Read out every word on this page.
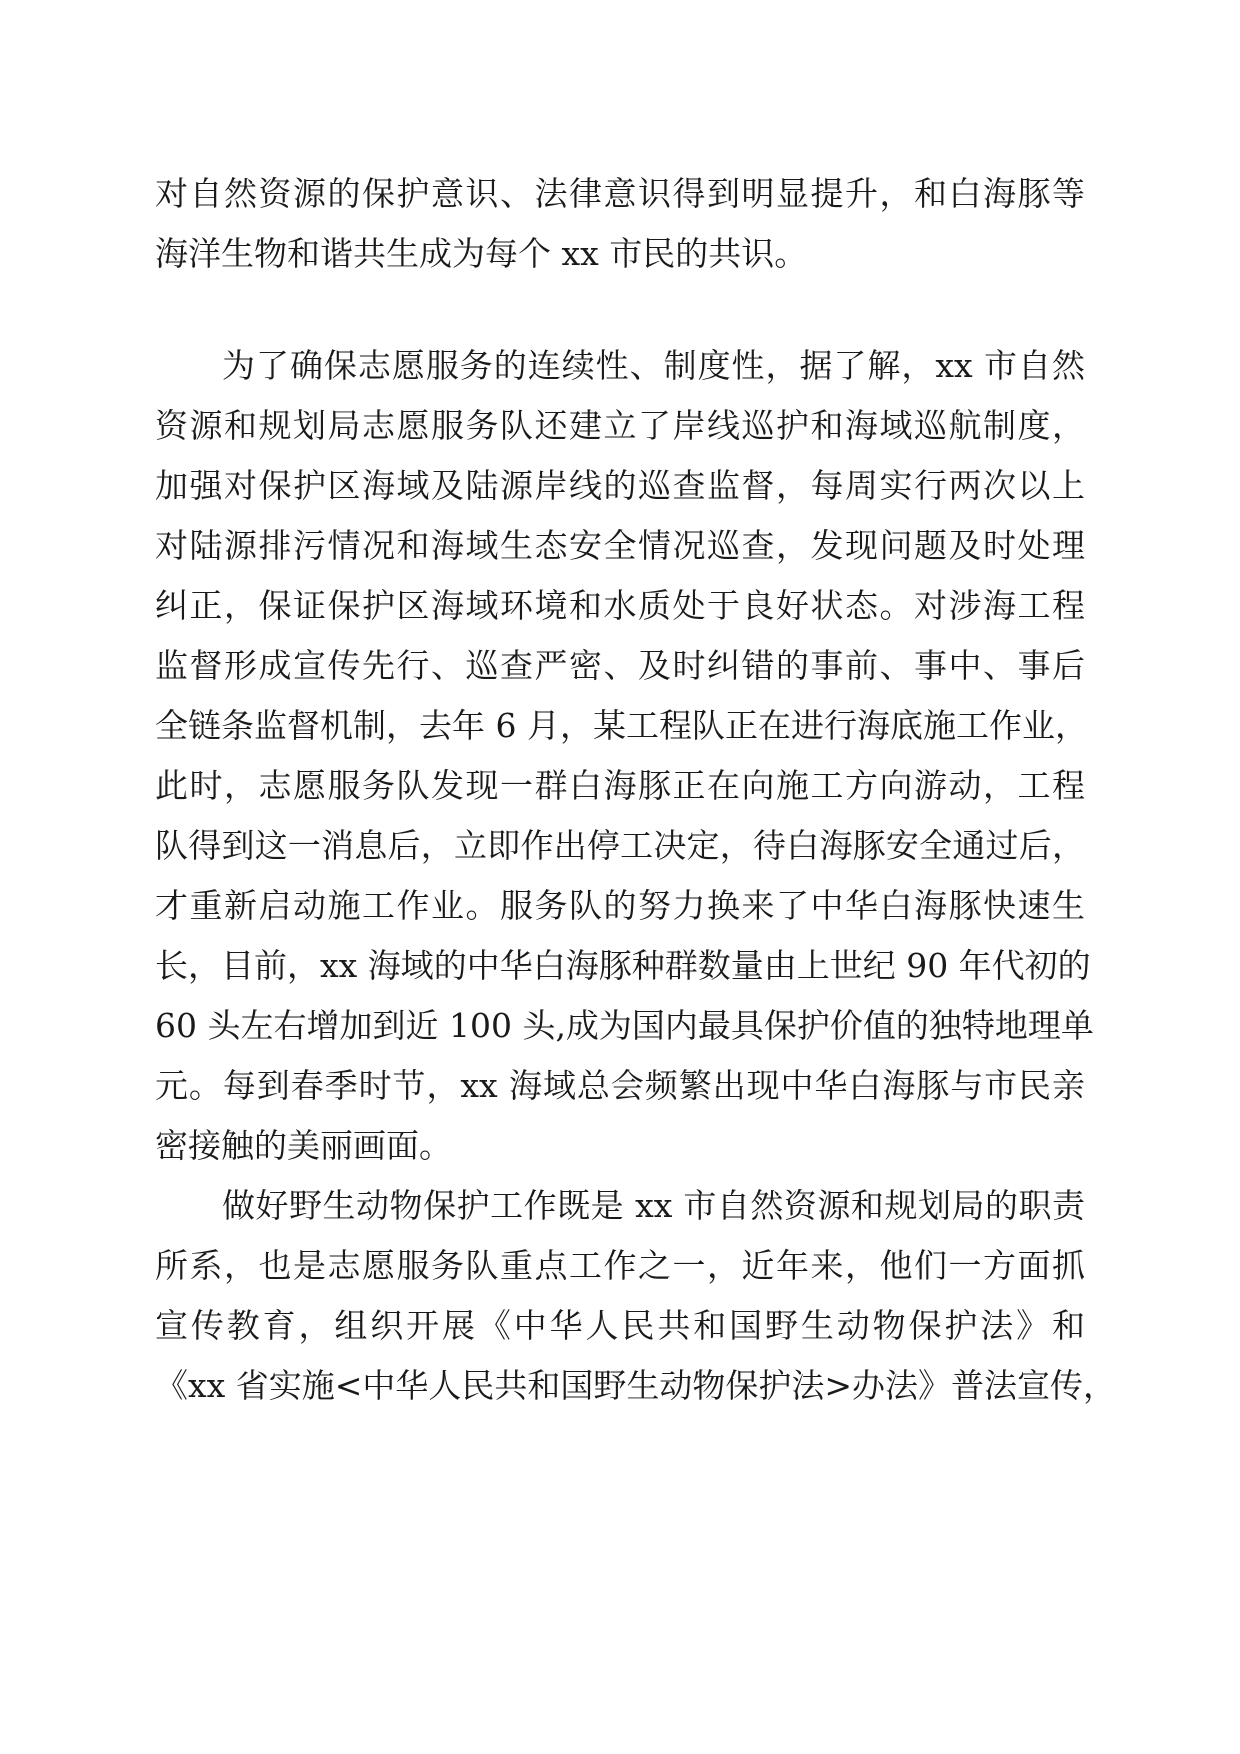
对自然资源的保护意识、法律意识得到明显提升，和白海豚等
海洋生物和谐共生成为每个 xx 市民的共识。
为了确保志愿服务的连续性、制度性，据了解，xx 市自然
资源和规划局志愿服务队还建立了岸线巡护和海域巡航制度，
加强对保护区海域及陆源岸线的巡查监督，每周实行两次以上
对陆源排污情况和海域生态安全情况巡查，发现问题及时处理
纠正，保证保护区海域环境和水质处于良好状态。对涉海工程
监督形成宣传先行、巡查严密、及时纠错的事前、事中、事后
全链条监督机制，去年 6 月，某工程队正在进行海底施工作业，
此时，志愿服务队发现一群白海豚正在向施工方向游动，工程
队得到这一消息后，立即作出停工决定，待白海豚安全通过后，
才重新启动施工作业。服务队的努力换来了中华白海豚快速生
长，目前，xx 海域的中华白海豚种群数量由上世纪 90 年代初的
60 头左右增加到近 100 头,成为国内最具保护价值的独特地理单
元。每到春季时节，xx 海域总会频繁出现中华白海豚与市民亲
密接触的美丽画面。
做好野生动物保护工作既是 xx 市自然资源和规划局的职责
所系，也是志愿服务队重点工作之一，近年来，他们一方面抓
宣传教育，组织开展《中华人民共和国野生动物保护法》和
《xx 省实施<中华人民共和国野生动物保护法>办法》普法宣传，
